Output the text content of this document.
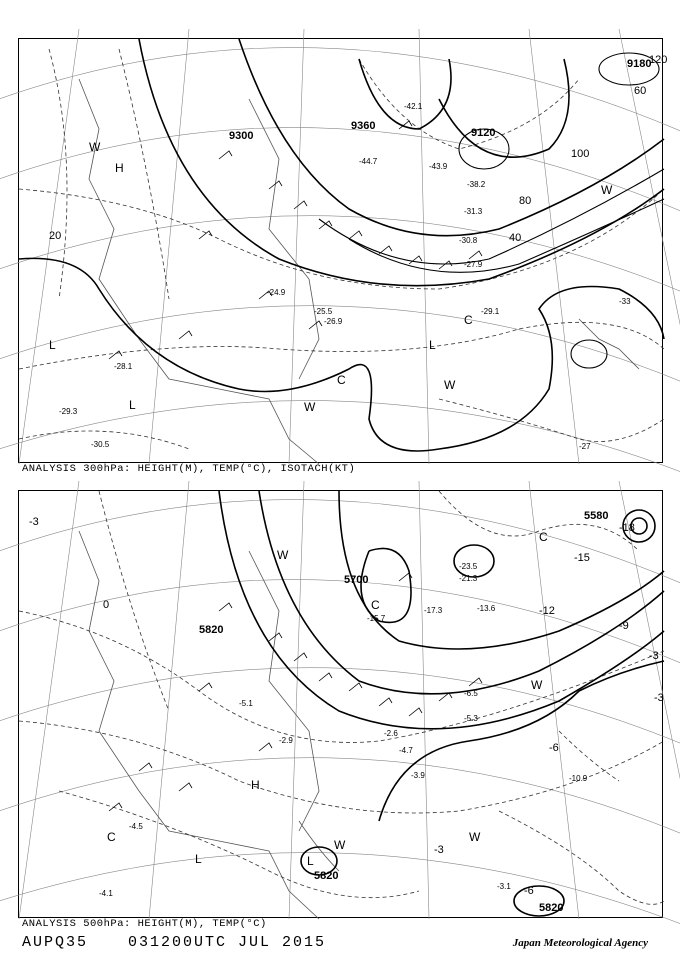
-29.3
-29.1
-30.5
-27.9
-26.9
-25.5
-24.9
-43.9
-42.1
-44.7
-38.2
-31.3
-30.8
-28.1
-27
-33
9300
9360
9120
9180
20	40
60
80
100
120
H
L
L
L
C
C
W
W
W
W
ANALYSIS 300hPa: HEIGHT(M), TEMP(°C), ISOTACH(KT)
-4.7
-3.9
-3.1
-4.5
-5.3
-6.5
-10.9
-13.6
-15.7
-17.3
-21.3
-23.5
-2.9
-4.1
-5.1
-2.6
5700
5820
5820
5820
5580
-3
0
-3
-6
-9
-12
-15
-18
-3
-3
-6
H
L	L
W
W
W
W
C
C
C
ANALYSIS 500hPa: HEIGHT(M), TEMP(°C)
AUPQ35	031200UTC JUL 2015	Japan Meteorological Agency
